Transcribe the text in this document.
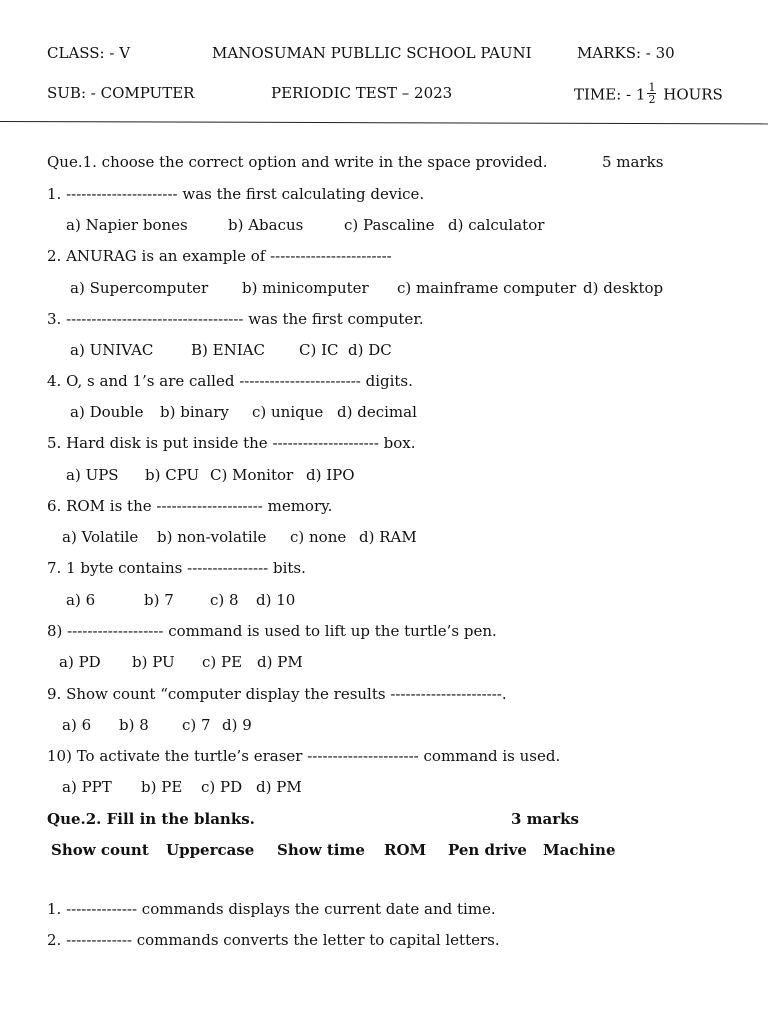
CLASS: - V	MANOSUMAN PUBLLIC SCHOOL PAUNI	MARKS: - 30
SUB: - COMPUTER	PERIODIC TEST – 2023	TIME: - $1 \frac{1}{2}$ HOURS
Que.1. choose the correct option and write in the space provided.	5 marks
1. ---------------------- was the first calculating device.
a) Napier bones	b) Abacus	c) Pascaline d) calculator
2. ANURAG is an example of ------------------------
a) Supercomputer b) minicomputer c) mainframe computer d) desktop
3. ----------------------------------- was the first computer.
a) UNIVAC	B) ENIAC C) IC d) DC
4. O, s and 1’s are called ------------------------ digits.
a) Double b) binary c) unique d) decimal
5. Hard disk is put inside the --------------------- box.
a) UPS b) CPU C) Monitor d) IPO
6. ROM is the --------------------- memory.
a) Volatile b) non-volatile c) none d) RAM
7. 1 byte contains ---------------- bits.
a) 6	b) 7 c) 8 d) 10
8) ------------------- command is used to lift up the turtle’s pen.
a) PD b) PU c) PE d) PM
9. Show count “computer display the results ----------------------.
a) 6 b) 8 c) 7 d) 9
10) To activate the turtle’s eraser ---------------------- command is used.
a) PPT b) PE c) PD d) PM
Que.2. Fill in the blanks.	3 marks
Show count Uppercase Show time ROM Pen drive Machine
1. -------------- commands displays the current date and time.
2. ------------- commands converts the letter to capital letters.
